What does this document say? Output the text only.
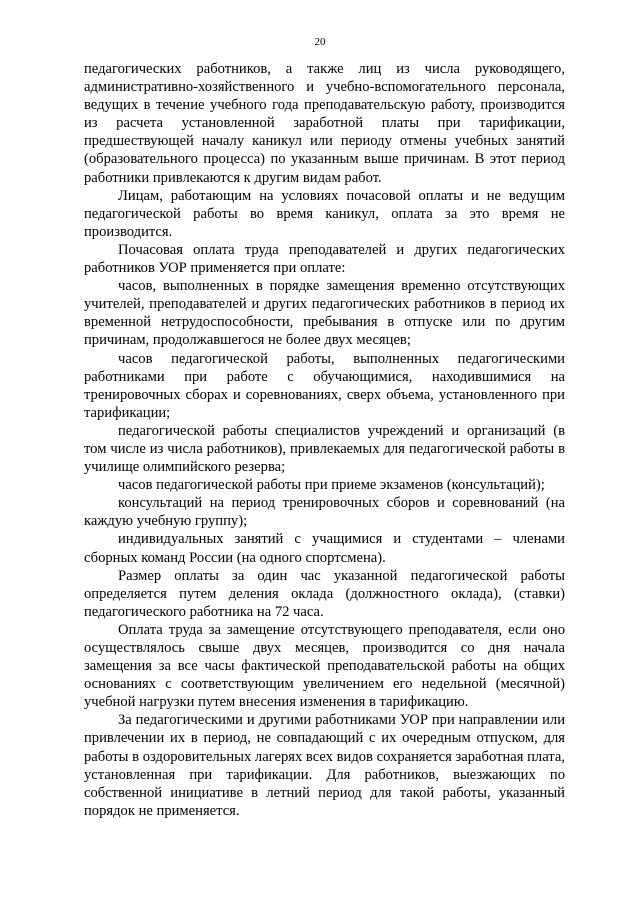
20

педагогических работников, а также лиц из числа руководящего, административно-хозяйственного и учебно-вспомогательного персонала, ведущих в течение учебного года преподавательскую работу, производится из расчета установленной заработной платы при тарификации, предшествующей началу каникул или периоду отмены учебных занятий (образовательного процесса) по указанным выше причинам. В этот период работники привлекаются к другим видам работ.

Лицам, работающим на условиях почасовой оплаты и не ведущим педагогической работы во время каникул, оплата за это время не производится.

Почасовая оплата труда преподавателей и других педагогических работников УОР применяется при оплате:

часов, выполненных в порядке замещения временно отсутствующих учителей, преподавателей и других педагогических работников в период их временной нетрудоспособности, пребывания в отпуске или по другим причинам, продолжавшегося не более двух месяцев;

часов педагогической работы, выполненных педагогическими работниками при работе с обучающимися, находившимися на тренировочных сборах и соревнованиях, сверх объема, установленного при тарификации;

педагогической работы специалистов учреждений и организаций (в том числе из числа работников), привлекаемых для педагогической работы в училище олимпийского резерва;

часов педагогической работы при приеме экзаменов (консультаций);

консультаций на период тренировочных сборов и соревнований (на каждую учебную группу);

индивидуальных занятий с учащимися и студентами – членами сборных команд России (на одного спортсмена).

Размер оплаты за один час указанной педагогической работы определяется путем деления оклада (должностного оклада), (ставки) педагогического работника на 72 часа.

Оплата труда за замещение отсутствующего преподавателя, если оно осуществлялось свыше двух месяцев, производится со дня начала замещения за все часы фактической преподавательской работы на общих основаниях с соответствующим увеличением его недельной (месячной) учебной нагрузки путем внесения изменения в тарификацию.

За педагогическими и другими работниками УОР при направлении или привлечении их в период, не совпадающий с их очередным отпуском, для работы в оздоровительных лагерях всех видов сохраняется заработная плата, установленная при тарификации. Для работников, выезжающих по собственной инициативе в летний период для такой работы, указанный порядок не применяется.
